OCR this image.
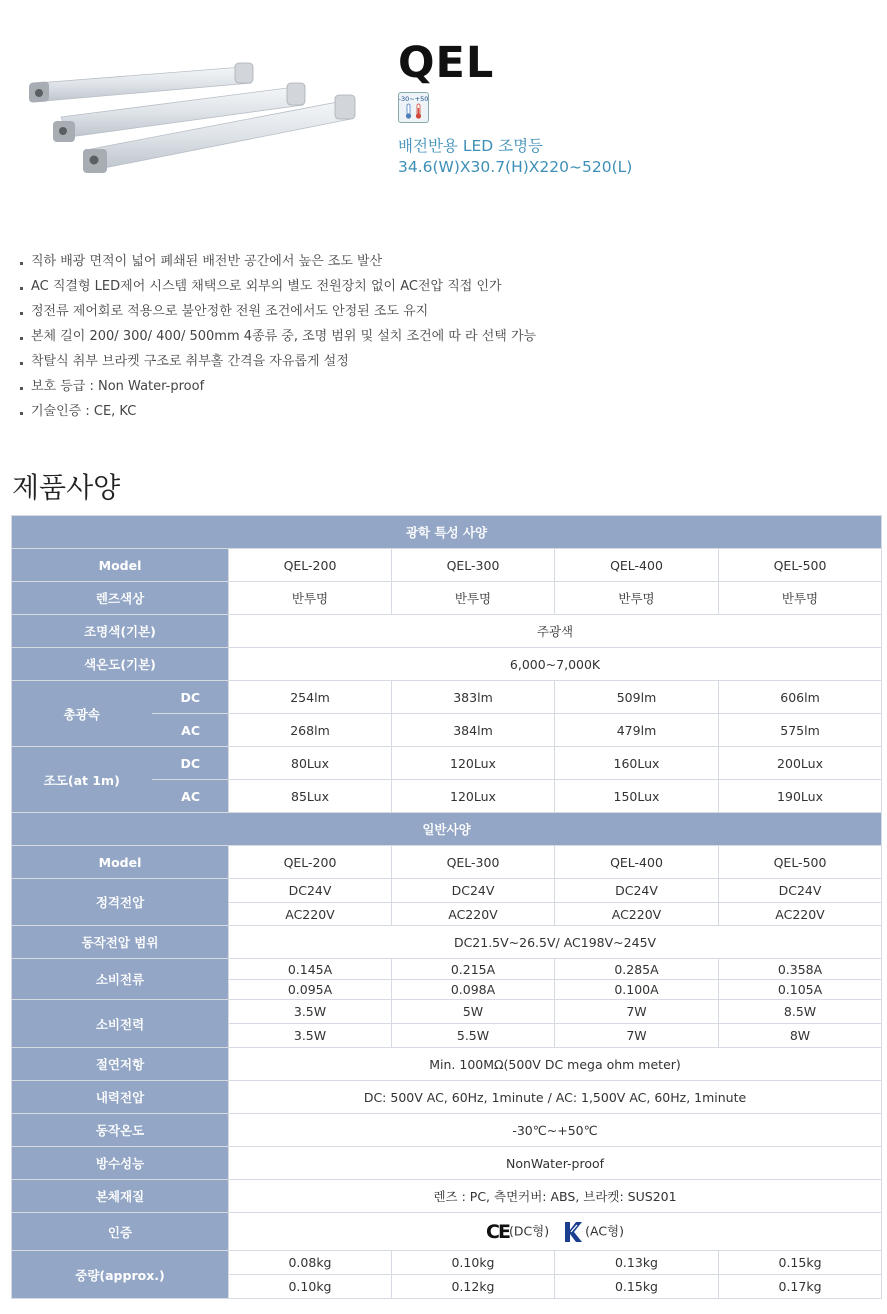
QEL
-30~+50
배전반용 LED 조명등
34.6(W)X30.7(H)X220~520(L)
직하 배광 면적이 넓어 폐쇄된 배전반 공간에서 높은 조도 발산
AC 직결형 LED제어 시스템 채택으로 외부의 별도 전원장치 없이 AC전압 직접 인가
정전류 제어회로 적용으로 불안정한 전원 조건에서도 안정된 조도 유지
본체 길이 200/ 300/ 400/ 500mm 4종류 중, 조명 범위 및 설치 조건에 따 라 선택 가능
착탈식 취부 브라켓 구조로 취부홀 간격을 자유롭게 설정
보호 등급 : Non Water-proof
기술인증 : CE, KC
제품사양
광학 특성 사양					
Model		QEL-200	QEL-300	QEL-400	QEL-500
렌즈색상		반투명	반투명	반투명	반투명
조명색(기본)		주광색			
색온도(기본)		6,000~7,000K			
총광속	DC	254lm	383lm	509lm	606lm
	AC	268lm	384lm	479lm	575lm
조도(at 1m)	DC	80Lux	120Lux	160Lux	200Lux
	AC	85Lux	120Lux	150Lux	190Lux
일반사양					
Model		QEL-200	QEL-300	QEL-400	QEL-500
정격전압		DC24V	DC24V	DC24V	DC24V
		AC220V	AC220V	AC220V	AC220V
동작전압 범위		DC21.5V~26.5V/ AC198V~245V			
소비전류		0.145A	0.215A	0.285A	0.358A
		0.095A	0.098A	0.100A	0.105A
소비전력		3.5W	5W	7W	8.5W
		3.5W	5.5W	7W	8W
절연저항		Min. 100MΩ(500V DC mega ohm meter)			
내력전압		DC: 500V AC, 60Hz, 1minute / AC: 1,500V AC, 60Hz, 1minute			
동작온도		-30℃~+50℃			
방수성능		NonWater-proof			
본체재질		렌즈 : PC, 측면커버: ABS, 브라켓: SUS201			
인증		CE(DC형) (AC형)			
중량(approx.)		0.08kg	0.10kg	0.13kg	0.15kg
		0.10kg	0.12kg	0.15kg	0.17kg
